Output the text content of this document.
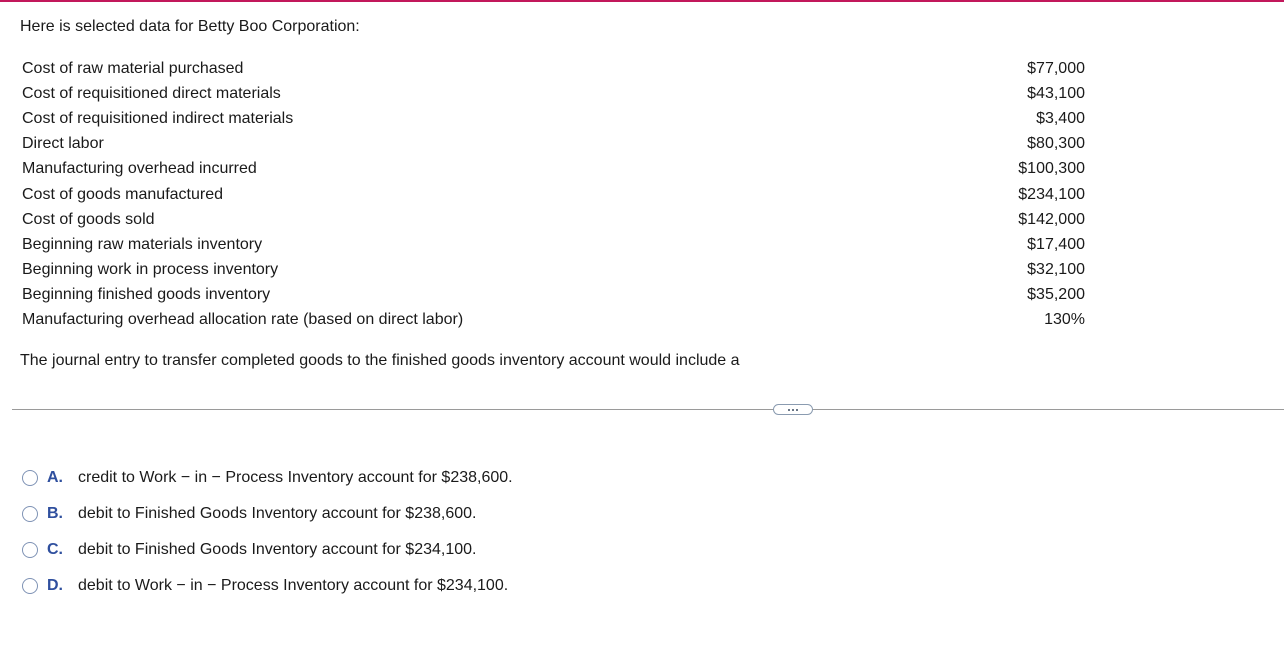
Here is selected data for Betty Boo Corporation:

Cost of raw material purchased	$77,000
Cost of requisitioned direct materials	$43,100
Cost of requisitioned indirect materials	$3,400
Direct labor	$80,300
Manufacturing overhead incurred	$100,300
Cost of goods manufactured	$234,100
Cost of goods sold	$142,000
Beginning raw materials inventory	$17,400
Beginning work in process inventory	$32,100
Beginning finished goods inventory	$35,200
Manufacturing overhead allocation rate (based on direct labor)	130%

The journal entry to transfer completed goods to the finished goods inventory account would include a

A. credit to Work − in − Process Inventory account for $238,600.
B. debit to Finished Goods Inventory account for $238,600.
C. debit to Finished Goods Inventory account for $234,100.
D. debit to Work − in − Process Inventory account for $234,100.
